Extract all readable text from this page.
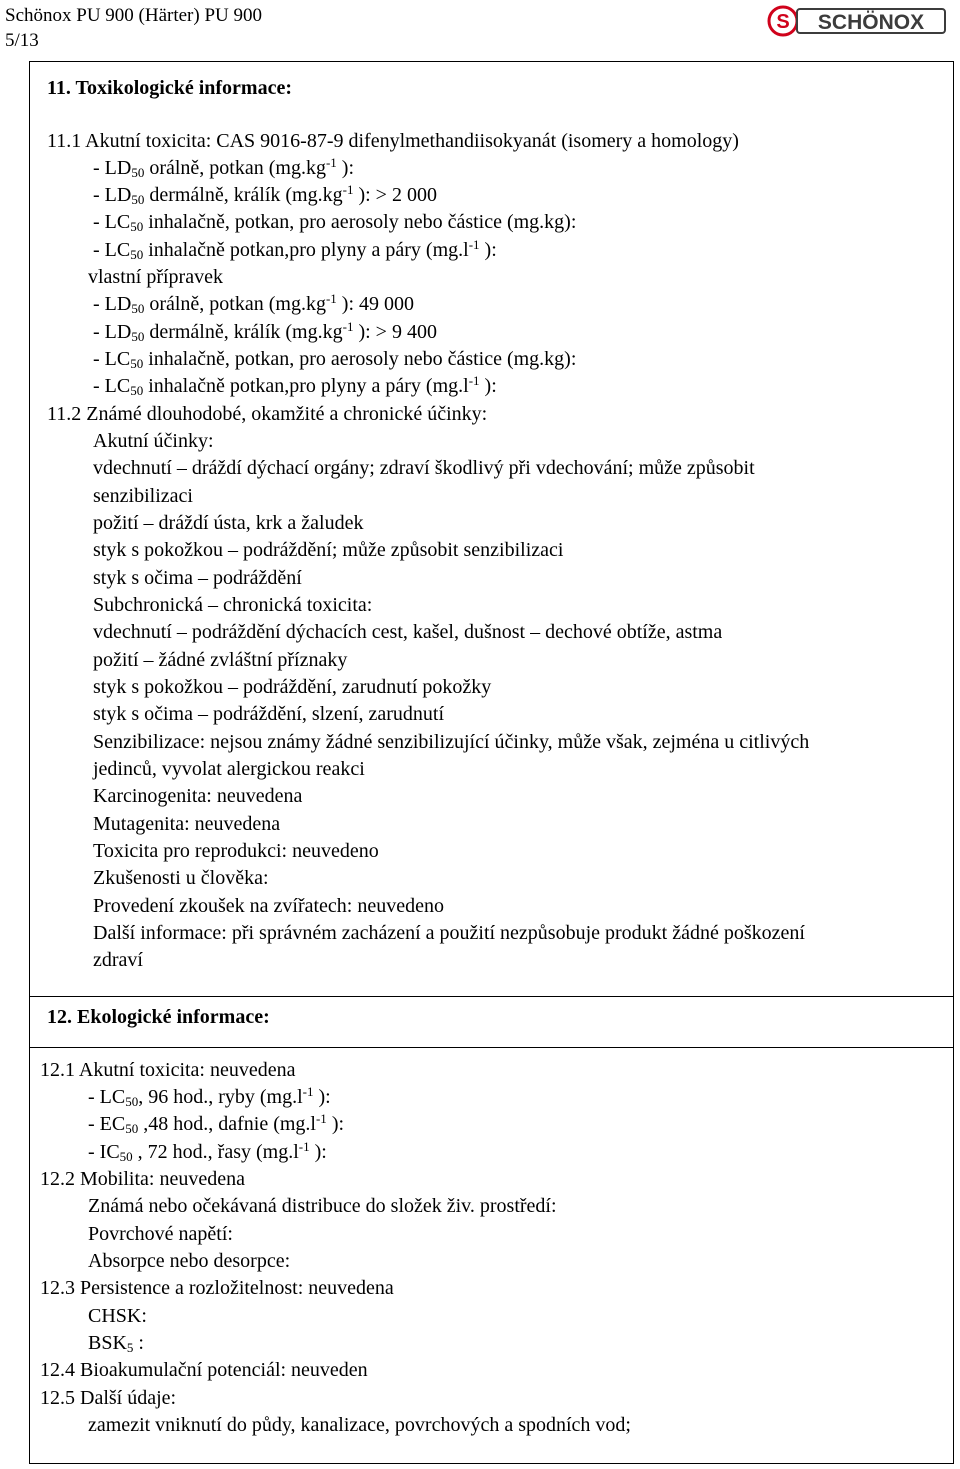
Schönox PU 900 (Härter) PU 900
5/13
S SCHÖNOX
11. Toxikologické informace:
11.1 Akutní toxicita: CAS 9016-87-9 difenylmethandiisokyanát (isomery a homology)
- $LD_{50}$ orálně, potkan ($mg.kg^{-1}$ ):
- $LD_{50}$ dermálně, králík ($mg.kg^{-1}$ ): > 2 000
- $LC_{50}$ inhalačně, potkan, pro aerosoly nebo částice (mg.kg):
- $LC_{50}$ inhalačně potkan,pro plyny a páry ($mg.l^{-1}$ ):
vlastní přípravek
- $LD_{50}$ orálně, potkan ($mg.kg^{-1}$ ): 49 000
- $LD_{50}$ dermálně, králík ($mg.kg^{-1}$ ): > 9 400
- $LC_{50}$ inhalačně, potkan, pro aerosoly nebo částice (mg.kg):
- $LC_{50}$ inhalačně potkan,pro plyny a páry ($mg.l^{-1}$ ):
11.2 Známé dlouhodobé, okamžité a chronické účinky:
Akutní účinky:
vdechnutí – dráždí dýchací orgány; zdraví škodlivý při vdechování; může způsobit
senzibilizaci
požití – dráždí ústa, krk a žaludek
styk s pokožkou – podráždění; může způsobit senzibilizaci
styk s očima – podráždění
Subchronická – chronická toxicita:
vdechnutí – podráždění dýchacích cest, kašel, dušnost – dechové obtíže, astma
požití – žádné zvláštní příznaky
styk s pokožkou – podráždění, zarudnutí pokožky
styk s očima – podráždění, slzení, zarudnutí
Senzibilizace: nejsou známy žádné senzibilizující účinky, může však, zejména u citlivých
jedinců, vyvolat alergickou reakci
Karcinogenita: neuvedena
Mutagenita: neuvedena
Toxicita pro reprodukci: neuvedeno
Zkušenosti u člověka:
Provedení zkoušek na zvířatech: neuvedeno
Další informace: při správném zacházení a použití nezpůsobuje produkt žádné poškození
zdraví
12. Ekologické informace:
12.1 Akutní toxicita: neuvedena
- $LC_{50}$, 96 hod., ryby ($mg.l^{-1}$ ):
- $EC_{50}$ ,48 hod., dafnie ($mg.l^{-1}$ ):
- $IC_{50}$ , 72 hod., řasy ($mg.l^{-1}$ ):
12.2 Mobilita: neuvedena
Známá nebo očekávaná distribuce do složek živ. prostředí:
Povrchové napětí:
Absorpce nebo desorpce:
12.3 Persistence a rozložitelnost: neuvedena
CHSK:
$BSK_5$ :
12.4 Bioakumulační potenciál: neuveden
12.5 Další údaje:
zamezit vniknutí do půdy, kanalizace, povrchových a spodních vod;
